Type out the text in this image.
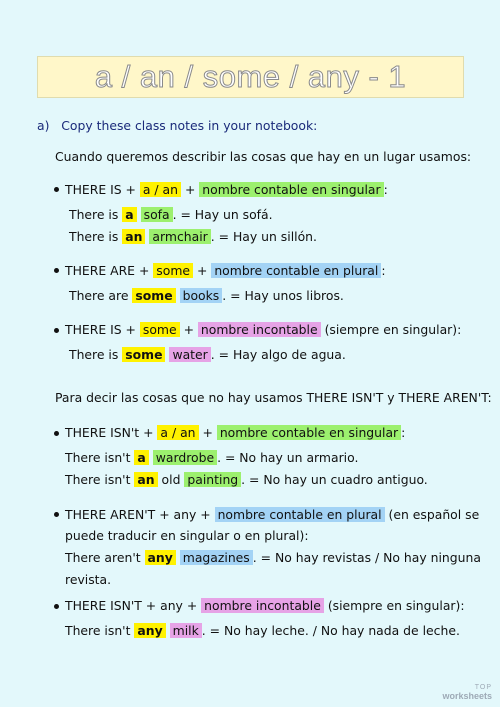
a / an / some / any - 1
a) Copy these class notes in your notebook:
Cuando queremos describir las cosas que hay en un lugar usamos:
THERE IS + a / an + nombre contable en singular :
There is a sofa . = Hay un sofá.
There is an armchair . = Hay un sillón.
THERE ARE + some + nombre contable en plural :
There are some books . = Hay unos libros.
THERE IS + some + nombre incontable (siempre en singular):
There is some water . = Hay algo de agua.
Para decir las cosas que no hay usamos THERE ISN'T y THERE AREN'T:
THERE ISN't + a / an + nombre contable en singular :
There isn't a wardrobe . = No hay un armario.
There isn't an old painting . = No hay un cuadro antiguo.
THERE AREN'T + any + nombre contable en plural (en español se
puede traducir en singular o en plural):
There aren't any magazines . = No hay revistas / No hay ninguna
revista.
THERE ISN'T + any + nombre incontable (siempre en singular):
There isn't any milk . = No hay leche. / No hay nada de leche.
TOP
worksheets
